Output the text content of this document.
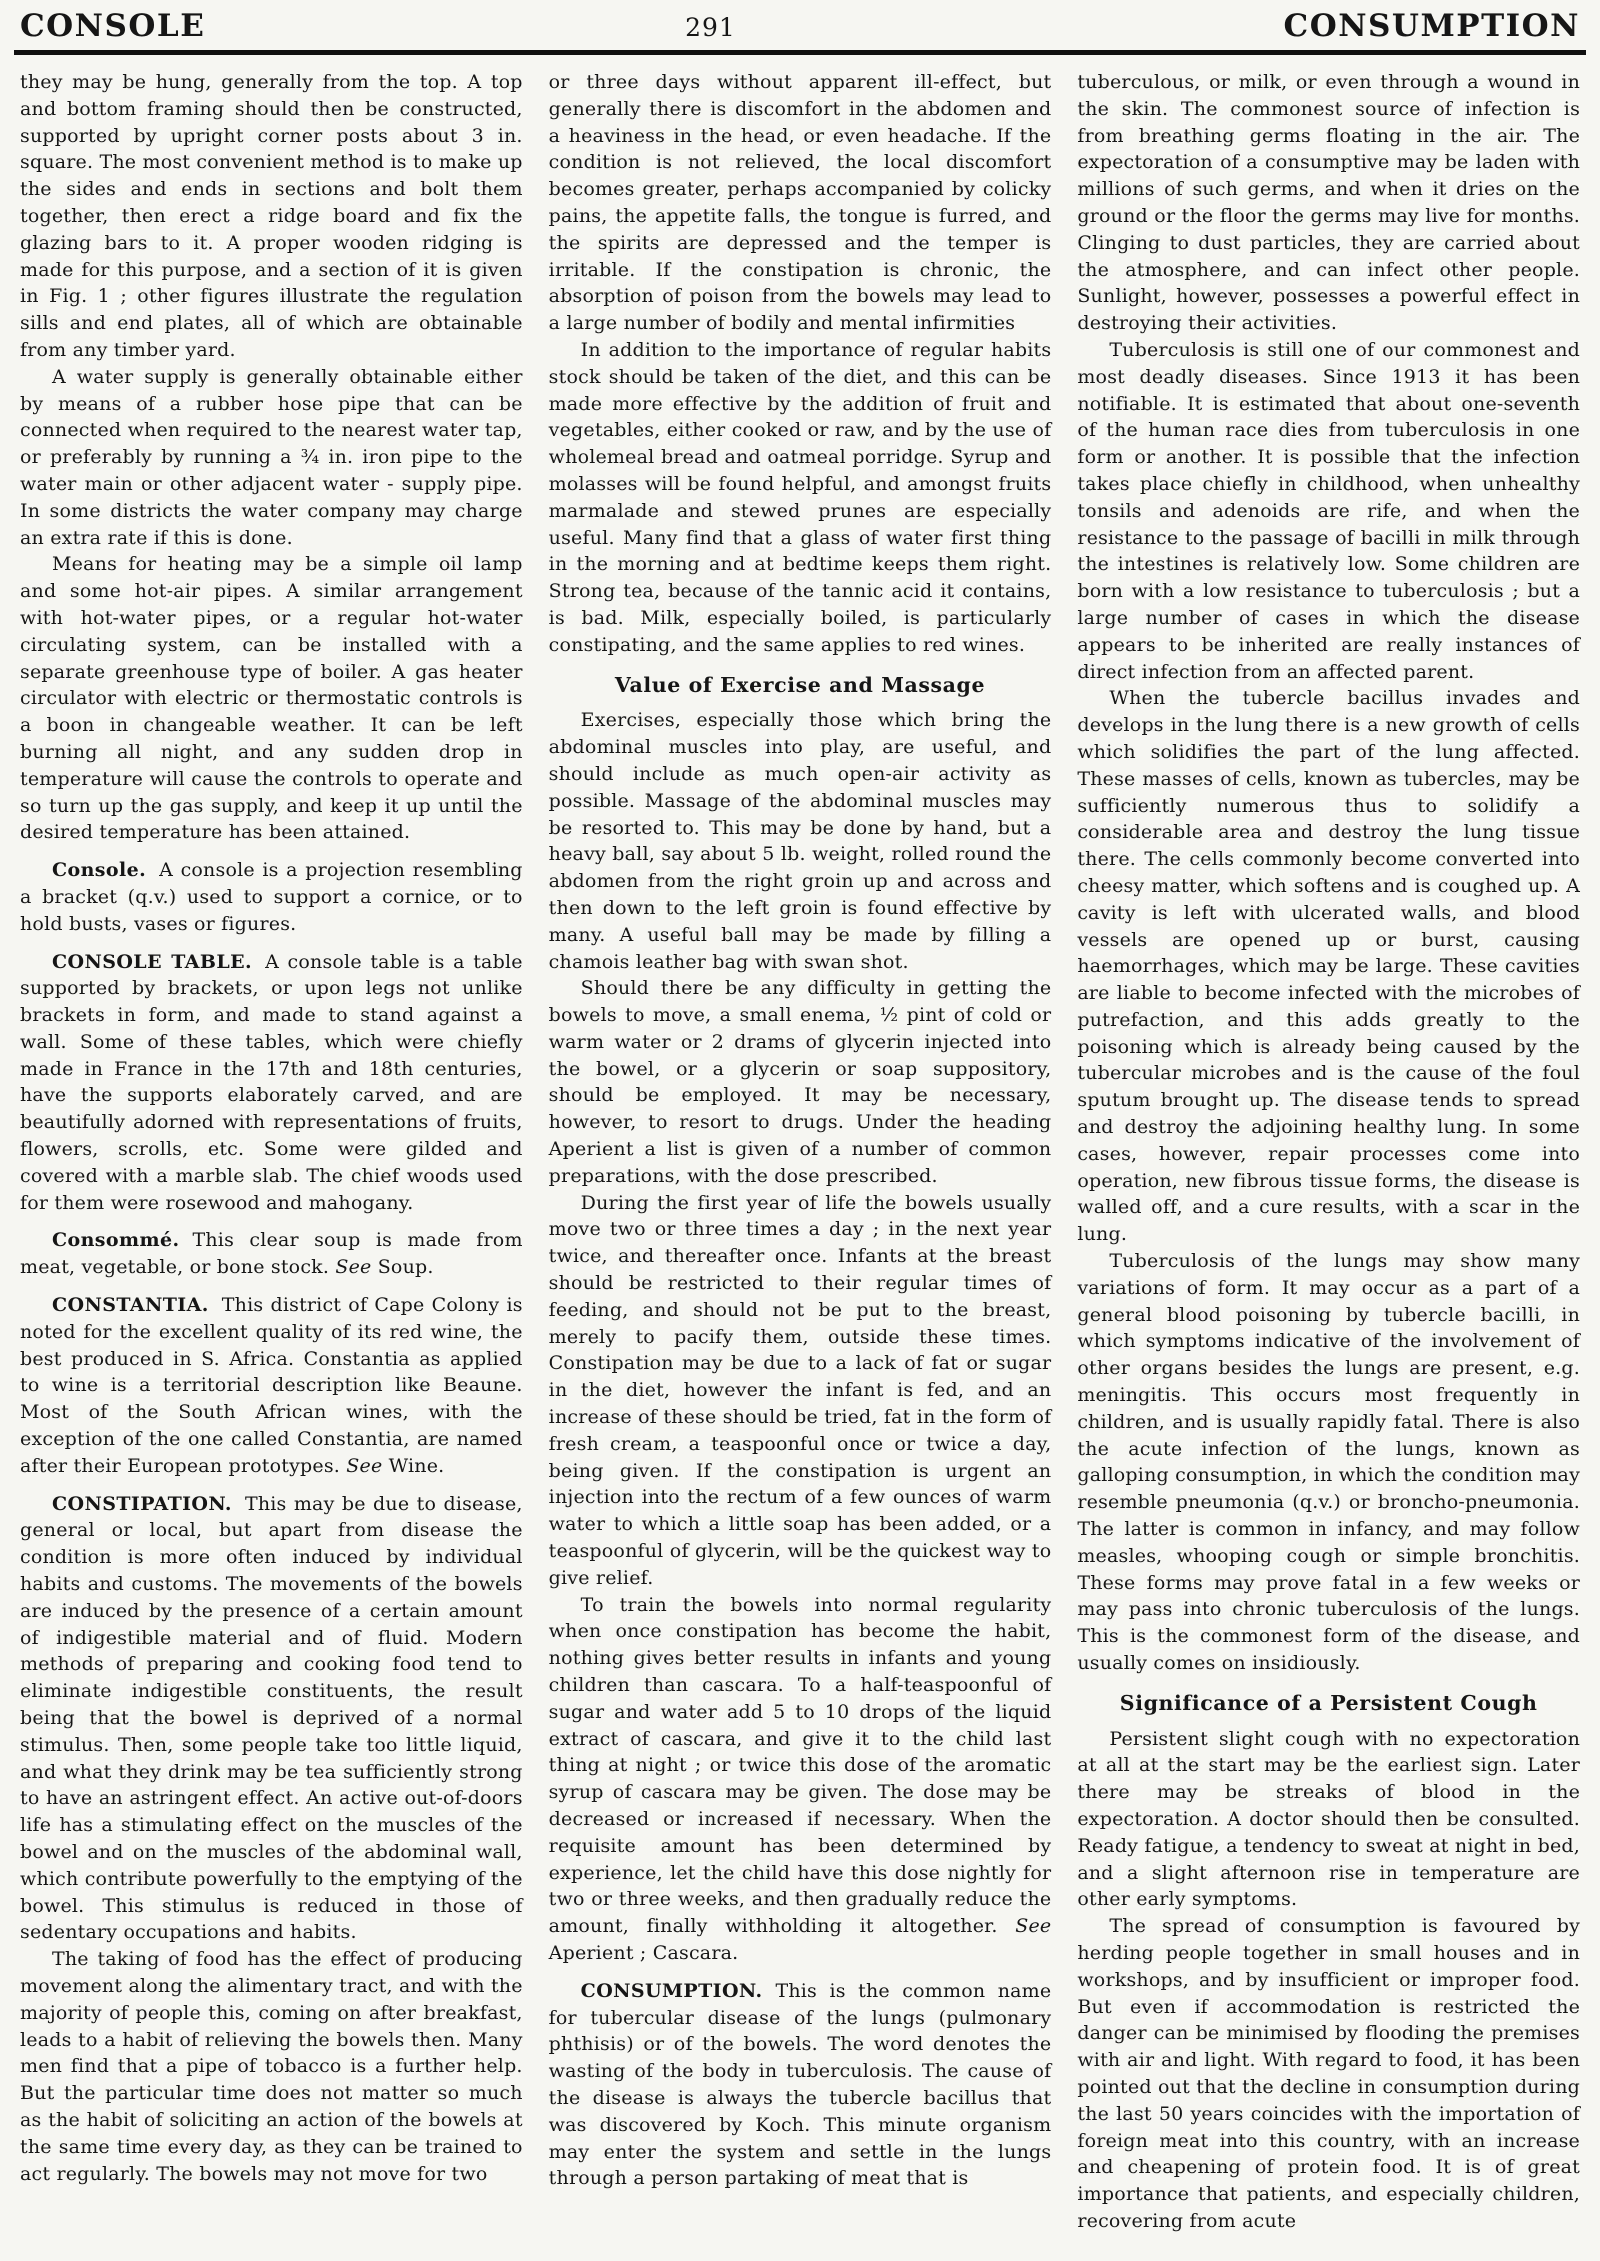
CONSOLE	291	CONSUMPTION

they may be hung, generally from the top. A top and bottom framing should then be constructed, supported by upright corner posts about 3 in. square. The most convenient method is to make up the sides and ends in sections and bolt them together, then erect a ridge board and fix the glazing bars to it. A proper wooden ridging is made for this purpose, and a section of it is given in Fig. 1 ; other figures illustrate the regulation sills and end plates, all of which are obtainable from any timber yard.

A water supply is generally obtainable either by means of a rubber hose pipe that can be connected when required to the nearest water tap, or preferably by running a ¾ in. iron pipe to the water main or other adjacent water - supply pipe. In some districts the water company may charge an extra rate if this is done.

Means for heating may be a simple oil lamp and some hot-air pipes. A similar arrangement with hot-water pipes, or a regular hot-water circulating system, can be installed with a separate greenhouse type of boiler. A gas heater circulator with electric or thermostatic controls is a boon in changeable weather. It can be left burning all night, and any sudden drop in temperature will cause the controls to operate and so turn up the gas supply, and keep it up until the desired temperature has been attained.

Console. A console is a projection resembling a bracket (q.v.) used to support a cornice, or to hold busts, vases or figures.

CONSOLE TABLE. A console table is a table supported by brackets, or upon legs not unlike brackets in form, and made to stand against a wall. Some of these tables, which were chiefly made in France in the 17th and 18th centuries, have the supports elaborately carved, and are beautifully adorned with representations of fruits, flowers, scrolls, etc. Some were gilded and covered with a marble slab. The chief woods used for them were rosewood and mahogany.

Consommé. This clear soup is made from meat, vegetable, or bone stock. See Soup.

CONSTANTIA. This district of Cape Colony is noted for the excellent quality of its red wine, the best produced in S. Africa. Constantia as applied to wine is a territorial description like Beaune. Most of the South African wines, with the exception of the one called Constantia, are named after their European prototypes. See Wine.

CONSTIPATION. This may be due to disease, general or local, but apart from disease the condition is more often induced by individual habits and customs. The movements of the bowels are induced by the presence of a certain amount of indigestible material and of fluid. Modern methods of preparing and cooking food tend to eliminate indigestible constituents, the result being that the bowel is deprived of a normal stimulus. Then, some people take too little liquid, and what they drink may be tea sufficiently strong to have an astringent effect. An active out-of-doors life has a stimulating effect on the muscles of the bowel and on the muscles of the abdominal wall, which contribute powerfully to the emptying of the bowel. This stimulus is reduced in those of sedentary occupations and habits.

The taking of food has the effect of producing movement along the alimentary tract, and with the majority of people this, coming on after breakfast, leads to a habit of relieving the bowels then. Many men find that a pipe of tobacco is a further help. But the particular time does not matter so much as the habit of soliciting an action of the bowels at the same time every day, as they can be trained to act regularly. The bowels may not move for two

or three days without apparent ill-effect, but generally there is discomfort in the abdomen and a heaviness in the head, or even headache. If the condition is not relieved, the local discomfort becomes greater, perhaps accompanied by colicky pains, the appetite falls, the tongue is furred, and the spirits are depressed and the temper is irritable. If the constipation is chronic, the absorption of poison from the bowels may lead to a large number of bodily and mental infirmities

In addition to the importance of regular habits stock should be taken of the diet, and this can be made more effective by the addition of fruit and vegetables, either cooked or raw, and by the use of wholemeal bread and oatmeal porridge. Syrup and molasses will be found helpful, and amongst fruits marmalade and stewed prunes are especially useful. Many find that a glass of water first thing in the morning and at bedtime keeps them right. Strong tea, because of the tannic acid it contains, is bad. Milk, especially boiled, is particularly constipating, and the same applies to red wines.

Value of Exercise and Massage

Exercises, especially those which bring the abdominal muscles into play, are useful, and should include as much open-air activity as possible. Massage of the abdominal muscles may be resorted to. This may be done by hand, but a heavy ball, say about 5 lb. weight, rolled round the abdomen from the right groin up and across and then down to the left groin is found effective by many. A useful ball may be made by filling a chamois leather bag with swan shot.

Should there be any difficulty in getting the bowels to move, a small enema, ½ pint of cold or warm water or 2 drams of glycerin injected into the bowel, or a glycerin or soap suppository, should be employed. It may be necessary, however, to resort to drugs. Under the heading Aperient a list is given of a number of common preparations, with the dose prescribed.

During the first year of life the bowels usually move two or three times a day ; in the next year twice, and thereafter once. Infants at the breast should be restricted to their regular times of feeding, and should not be put to the breast, merely to pacify them, outside these times. Constipation may be due to a lack of fat or sugar in the diet, however the infant is fed, and an increase of these should be tried, fat in the form of fresh cream, a teaspoonful once or twice a day, being given. If the constipation is urgent an injection into the rectum of a few ounces of warm water to which a little soap has been added, or a teaspoonful of glycerin, will be the quickest way to give relief.

To train the bowels into normal regularity when once constipation has become the habit, nothing gives better results in infants and young children than cascara. To a half-teaspoonful of sugar and water add 5 to 10 drops of the liquid extract of cascara, and give it to the child last thing at night ; or twice this dose of the aromatic syrup of cascara may be given. The dose may be decreased or increased if necessary. When the requisite amount has been determined by experience, let the child have this dose nightly for two or three weeks, and then gradually reduce the amount, finally withholding it altogether. See Aperient ; Cascara.

CONSUMPTION. This is the common name for tubercular disease of the lungs (pulmonary phthisis) or of the bowels. The word denotes the wasting of the body in tuberculosis. The cause of the disease is always the tubercle bacillus that was discovered by Koch. This minute organism may enter the system and settle in the lungs through a person partaking of meat that is

tuberculous, or milk, or even through a wound in the skin. The commonest source of infection is from breathing germs floating in the air. The expectoration of a consumptive may be laden with millions of such germs, and when it dries on the ground or the floor the germs may live for months. Clinging to dust particles, they are carried about the atmosphere, and can infect other people. Sunlight, however, possesses a powerful effect in destroying their activities.

Tuberculosis is still one of our commonest and most deadly diseases. Since 1913 it has been notifiable. It is estimated that about one-seventh of the human race dies from tuberculosis in one form or another. It is possible that the infection takes place chiefly in childhood, when unhealthy tonsils and adenoids are rife, and when the resistance to the passage of bacilli in milk through the intestines is relatively low. Some children are born with a low resistance to tuberculosis ; but a large number of cases in which the disease appears to be inherited are really instances of direct infection from an affected parent.

When the tubercle bacillus invades and develops in the lung there is a new growth of cells which solidifies the part of the lung affected. These masses of cells, known as tubercles, may be sufficiently numerous thus to solidify a considerable area and destroy the lung tissue there. The cells commonly become converted into cheesy matter, which softens and is coughed up. A cavity is left with ulcerated walls, and blood vessels are opened up or burst, causing haemorrhages, which may be large. These cavities are liable to become infected with the microbes of putrefaction, and this adds greatly to the poisoning which is already being caused by the tubercular microbes and is the cause of the foul sputum brought up. The disease tends to spread and destroy the adjoining healthy lung. In some cases, however, repair processes come into operation, new fibrous tissue forms, the disease is walled off, and a cure results, with a scar in the lung.

Tuberculosis of the lungs may show many variations of form. It may occur as a part of a general blood poisoning by tubercle bacilli, in which symptoms indicative of the involvement of other organs besides the lungs are present, e.g. meningitis. This occurs most frequently in children, and is usually rapidly fatal. There is also the acute infection of the lungs, known as galloping consumption, in which the condition may resemble pneumonia (q.v.) or broncho-pneumonia. The latter is common in infancy, and may follow measles, whooping cough or simple bronchitis. These forms may prove fatal in a few weeks or may pass into chronic tuberculosis of the lungs. This is the commonest form of the disease, and usually comes on insidiously.

Significance of a Persistent Cough

Persistent slight cough with no expectoration at all at the start may be the earliest sign. Later there may be streaks of blood in the expectoration. A doctor should then be consulted. Ready fatigue, a tendency to sweat at night in bed, and a slight afternoon rise in temperature are other early symptoms.

The spread of consumption is favoured by herding people together in small houses and in workshops, and by insufficient or improper food. But even if accommodation is restricted the danger can be minimised by flooding the premises with air and light. With regard to food, it has been pointed out that the decline in consumption during the last 50 years coincides with the importation of foreign meat into this country, with an increase and cheapening of protein food. It is of great importance that patients, and especially children, recovering from acute
